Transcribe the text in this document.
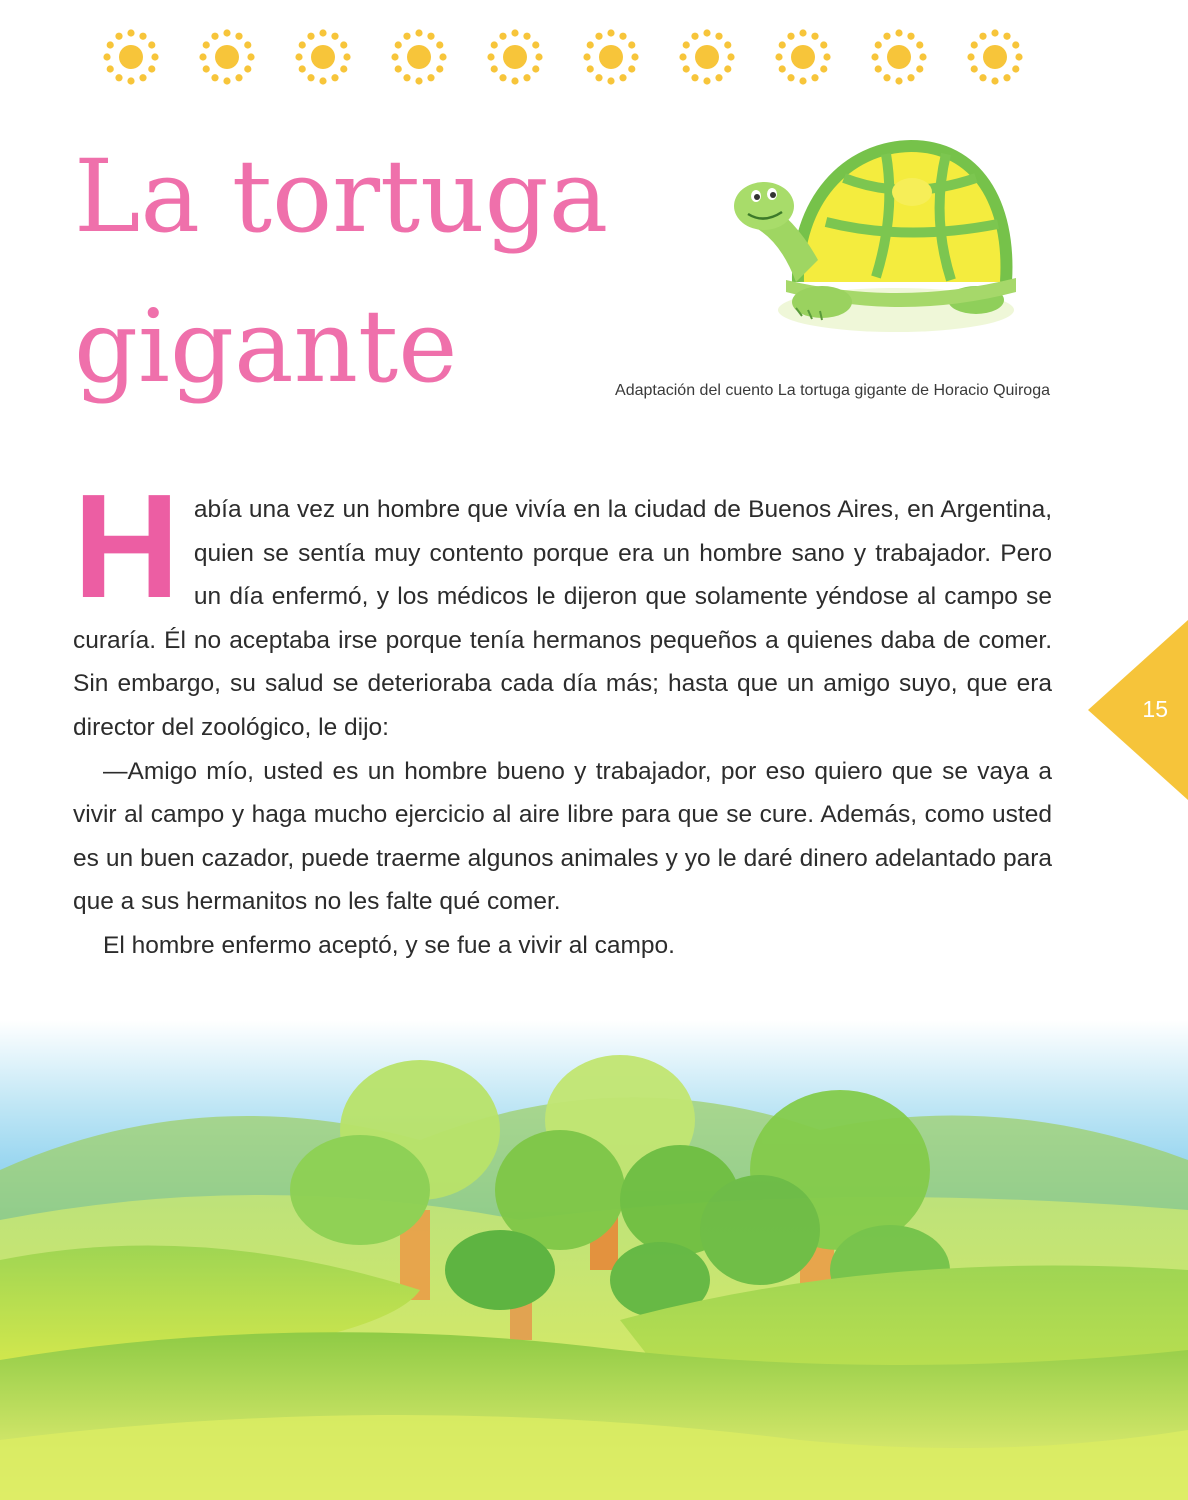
La tortuga
gigante	Adaptación del cuento La tortuga gigante de Horacio Quiroga

Había una vez un hombre que vivía en la ciudad de Buenos Aires, en Argentina, quien se sentía muy contento porque era un hombre sano y trabajador. Pero un día enfermó, y los médicos le dijeron que solamente yéndose al campo se curaría. Él no aceptaba irse porque tenía hermanos pequeños a quienes daba de comer. Sin embargo, su salud se deterioraba cada día más; hasta que un amigo suyo, que era director del zoológico, le dijo:

—Amigo mío, usted es un hombre bueno y trabajador, por eso quiero que se vaya a vivir al campo y haga mucho ejercicio al aire libre para que se cure. Además, como usted es un buen cazador, puede traerme algunos animales y yo le daré dinero adelantado para que a sus hermanitos no les falte qué comer.

El hombre enfermo aceptó, y se fue a vivir al campo.

15
